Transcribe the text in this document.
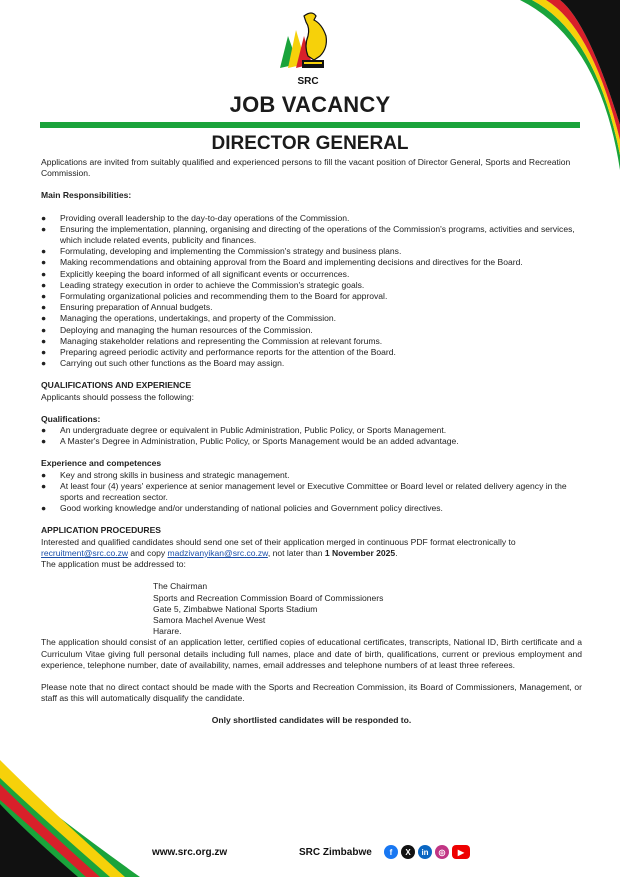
SRC
JOB VACANCY
DIRECTOR GENERAL

Applications are invited from suitably qualified and experienced persons to fill the vacant position of Director General, Sports and Recreation Commission.

Main Responsibilities:

● Providing overall leadership to the day-to-day operations of the Commission.
● Ensuring the implementation, planning, organising and directing of the operations of the Commission's programs, activities and services, which include related events, publicity and finances.
● Formulating, developing and implementing the Commission's strategy and business plans.
● Making recommendations and obtaining approval from the Board and implementing decisions and directives for the Board.
● Explicitly keeping the board informed of all significant events or occurrences.
● Leading strategy execution in order to achieve the Commission's strategic goals.
● Formulating organizational policies and recommending them to the Board for approval.
● Ensuring preparation of Annual budgets.
● Managing the operations, undertakings, and property of the Commission.
● Deploying and managing the human resources of the Commission.
● Managing stakeholder relations and representing the Commission at relevant forums.
● Preparing agreed periodic activity and performance reports for the attention of the Board.
● Carrying out such other functions as the Board may assign.

QUALIFICATIONS AND EXPERIENCE

Applicants should possess the following:

Qualifications:

● An undergraduate degree or equivalent in Public Administration, Public Policy, or Sports Management.
● A Master's Degree in Administration, Public Policy, or Sports Management would be an added advantage.

Experience and competences

● Key and strong skills in business and strategic management.
● At least four (4) years' experience at senior management level or Executive Committee or Board level or related delivery agency in the sports and recreation sector.
● Good working knowledge and/or understanding of national policies and Government policy directives.

APPLICATION PROCEDURES

Interested and qualified candidates should send one set of their application merged in continuous PDF format electronically to recruitment@src.co.zw and copy madzivanyikan@src.co.zw, not later than 1 November 2025.

The application must be addressed to:

The Chairman

Sports and Recreation Commission Board of Commissioners

Gate 5, Zimbabwe National Sports Stadium

Samora Machel Avenue West

Harare.

The application should consist of an application letter, certified copies of educational certificates, transcripts, National ID, Birth certificate and a Curriculum Vitae giving full personal details including full names, place and date of birth, qualifications, current or previous employment and experience, telephone number, date of availability, names, email addresses and telephone numbers of at least three referees.

Please note that no direct contact should be made with the Sports and Recreation Commission, its Board of Commissioners, Management, or staff as this will automatically disqualify the candidate.

Only shortlisted candidates will be responded to.

www.src.org.zw	SRC Zimbabwe	f	X	in	◎	▶
